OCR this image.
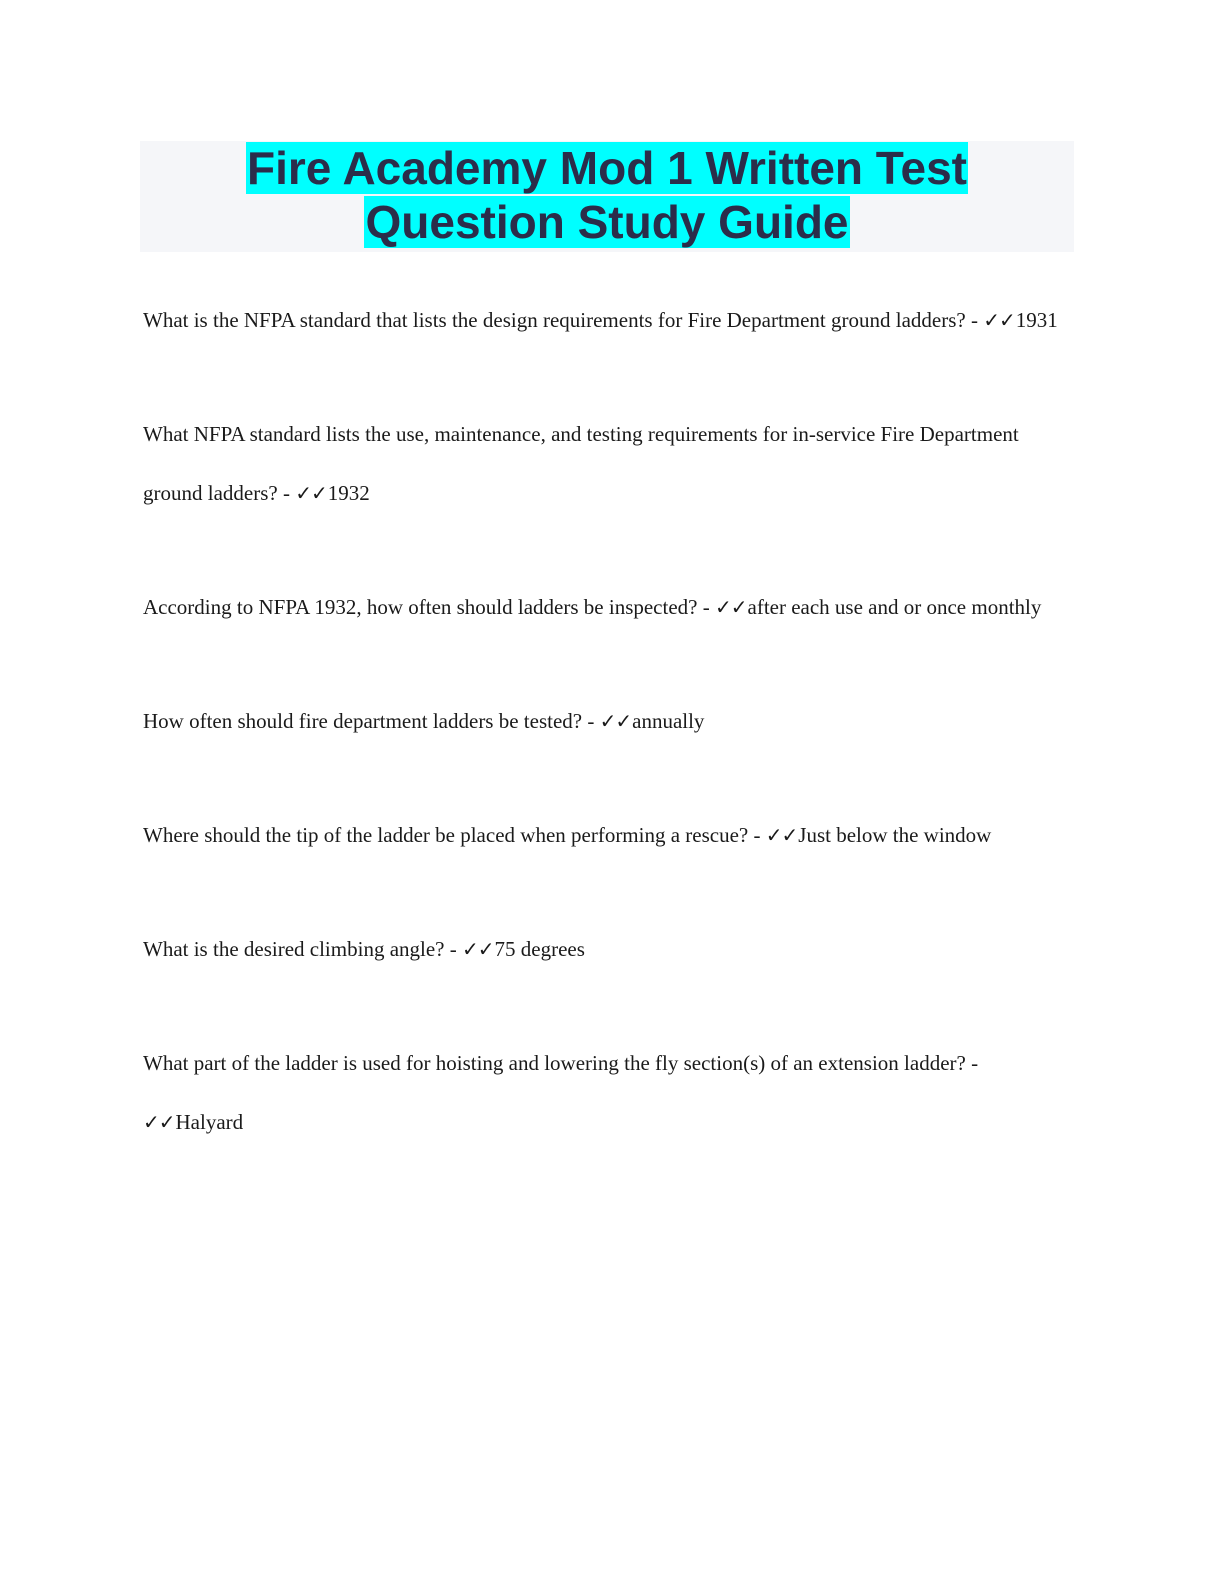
Fire Academy Mod 1 Written Test
Question Study Guide

What is the NFPA standard that lists the design requirements for Fire Department ground ladders? - ✓✓1931

What NFPA standard lists the use, maintenance, and testing requirements for in-service Fire Department ground ladders? - ✓✓1932

According to NFPA 1932, how often should ladders be inspected? - ✓✓after each use and or once monthly

How often should fire department ladders be tested? - ✓✓annually

Where should the tip of the ladder be placed when performing a rescue? - ✓✓Just below the window

What is the desired climbing angle? - ✓✓75 degrees

What part of the ladder is used for hoisting and lowering the fly section(s) of an extension ladder? - ✓✓Halyard
